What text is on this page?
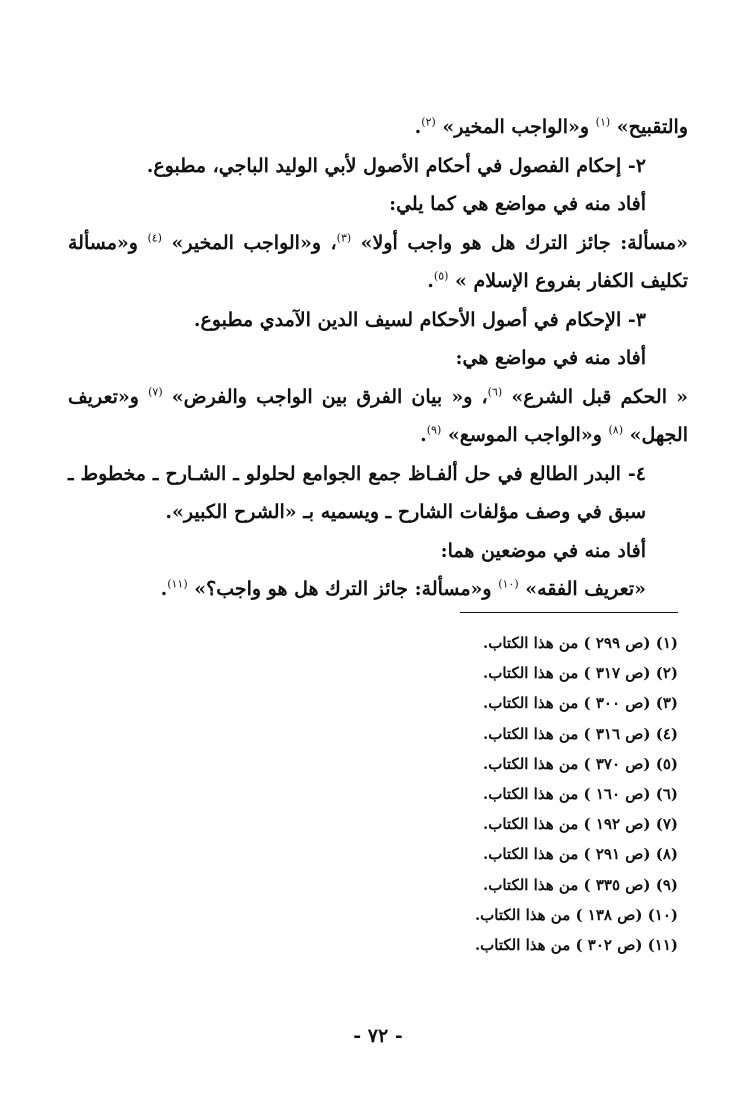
والتقبيح» $^{(١)}$ و«الواجب المخير» $^{(٢)}$.

٢- إحكام الفصول في أحكام الأصول لأبي الوليد الباجي، مطبوع.

أفاد منه في مواضع هي كما يلي:

«مسألة: جائز الترك هل هو واجب أولا» $^{(٣)}$، و«الواجب المخير» $^{(٤)}$ و«مسألة تكليف الكفار بفروع الإسلام » $^{(٥)}$.

٣- الإحكام في أصول الأحكام لسيف الدين الآمدي مطبوع.

أفاد منه في مواضع هي:

« الحكم قبل الشرع» $^{(٦)}$، و« بيان الفرق بين الواجب والفرض» $^{(٧)}$ و«تعريف الجهل» $^{(٨)}$ و«الواجب الموسع» $^{(٩)}$.

٤- البدر الطالع في حل ألفـاظ جمع الجوامع لحلولو ـ الشـارح ـ مخطوط ـ سبق في وصف مؤلفات الشارح ـ ويسميه بـ «الشرح الكبير».

أفاد منه في موضعين هما:

«تعريف الفقه» $^{(١٠)}$ و«مسألة: جائز الترك هل هو واجب؟» $^{(١١)}$.

(١) (ص ٢٩٩ ) من هذا الكتاب.
(٢) (ص ٣١٧ ) من هذا الكتاب.
(٣) (ص ٣٠٠ ) من هذا الكتاب.
(٤) (ص ٣١٦ ) من هذا الكتاب.
(٥) (ص ٣٧٠ ) من هذا الكتاب.
(٦) (ص ١٦٠ ) من هذا الكتاب.
(٧) (ص ١٩٢ ) من هذا الكتاب.
(٨) (ص ٢٩١ ) من هذا الكتاب.
(٩) (ص ٣٣٥ ) من هذا الكتاب.
(١٠) (ص ١٣٨ ) من هذا الكتاب.
(١١) (ص ٣٠٢ ) من هذا الكتاب.
- ٧٢ -
